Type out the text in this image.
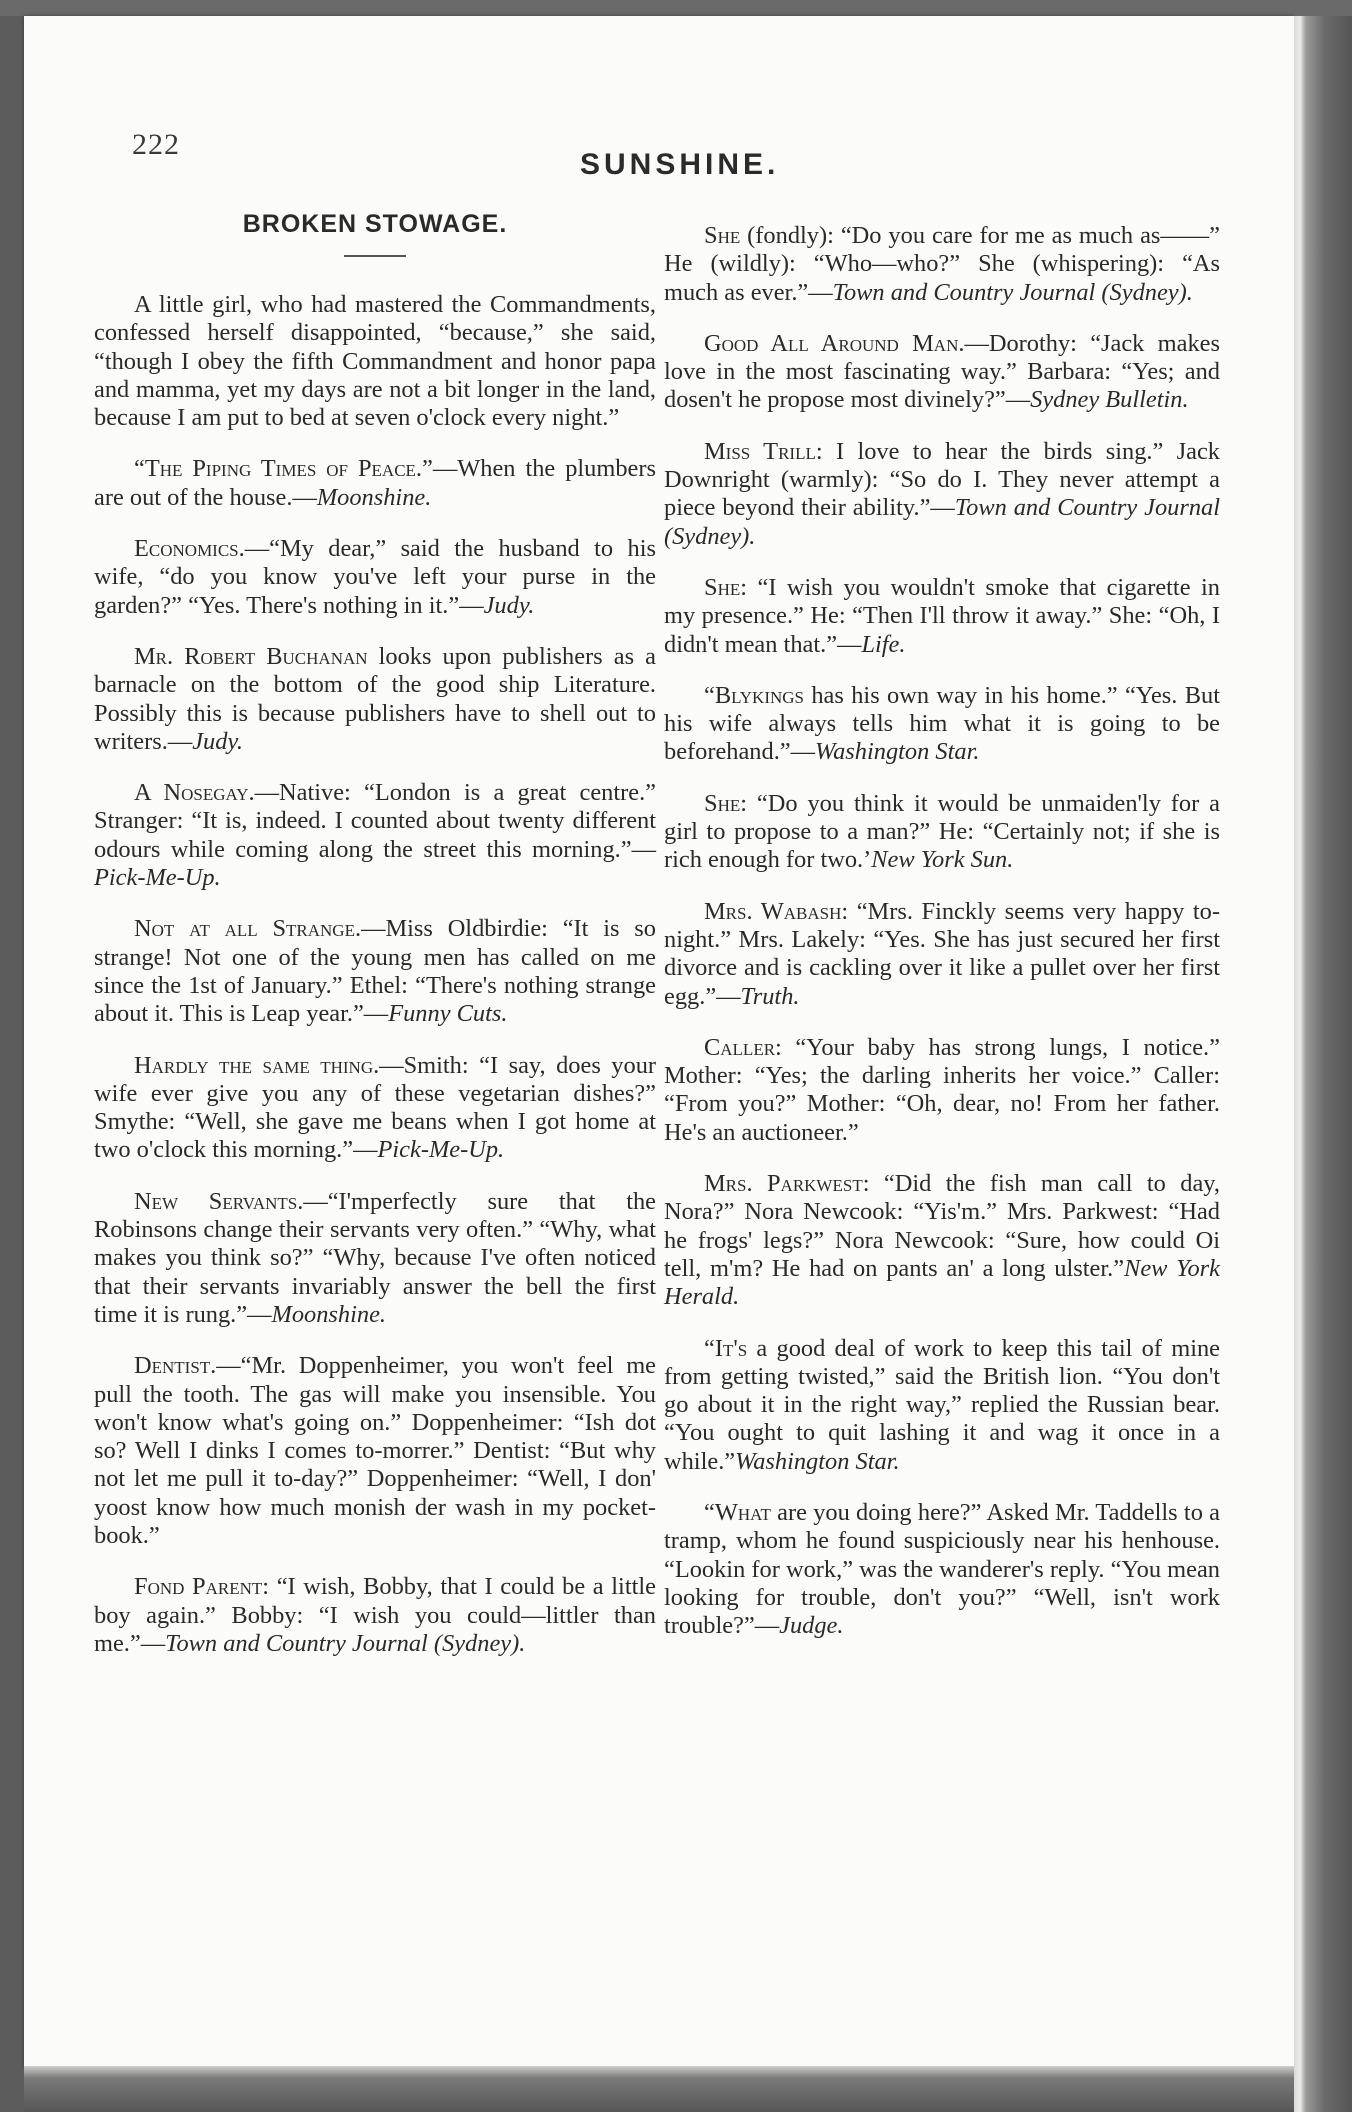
222
SUNSHINE.
BROKEN STOWAGE.

A little girl, who had mastered the Commandments, confessed herself disappointed, “because,” she said, “though I obey the fifth Commandment and honor papa and mamma, yet my days are not a bit longer in the land, because I am put to bed at seven o'clock every night.”

“The Piping Times of Peace.”—When the plumbers are out of the house.—Moonshine.

Economics.—“My dear,” said the husband to his wife, “do you know you've left your purse in the garden?” “Yes. There's nothing in it.”—Judy.

Mr. Robert Buchanan looks upon publishers as a barnacle on the bottom of the good ship Literature. Possibly this is because publishers have to shell out to writers.—Judy.

A Nosegay.—Native: “London is a great centre.” Stranger: “It is, indeed. I counted about twenty different odours while coming along the street this morning.”—Pick-Me-Up.

Not at all Strange.—Miss Oldbirdie: “It is so strange! Not one of the young men has called on me since the 1st of January.” Ethel: “There's nothing strange about it. This is Leap year.”—Funny Cuts.

Hardly the same thing.—Smith: “I say, does your wife ever give you any of these vegetarian dishes?” Smythe: “Well, she gave me beans when I got home at two o'clock this morning.”—Pick-Me-Up.

New Servants.—“I'mperfectly sure that the Robinsons change their servants very often.” “Why, what makes you think so?” “Why, because I've often noticed that their servants invariably answer the bell the first time it is rung.”—Moonshine.

Dentist.—“Mr. Doppenheimer, you won't feel me pull the tooth. The gas will make you insensible. You won't know what's going on.” Doppenheimer: “Ish dot so? Well I dinks I comes to-morrer.” Dentist: “But why not let me pull it to-day?” Doppenheimer: “Well, I don' yoost know how much monish der wash in my pocket-book.”

Fond Parent: “I wish, Bobby, that I could be a little boy again.” Bobby: “I wish you could—littler than me.”—Town and Country Journal (Sydney).

She (fondly): “Do you care for me as much as——” He (wildly): “Who—who?” She (whispering): “As much as ever.”—Town and Country Journal (Sydney).

Good All Around Man.—Dorothy: “Jack makes love in the most fascinating way.” Barbara: “Yes; and dosen't he propose most divinely?”—Sydney Bulletin.

Miss Trill: I love to hear the birds sing.” Jack Downright (warmly): “So do I. They never attempt a piece beyond their ability.”—Town and Country Journal (Sydney).

She: “I wish you wouldn't smoke that cigarette in my presence.” He: “Then I'll throw it away.” She: “Oh, I didn't mean that.”—Life.

“Blykings has his own way in his home.” “Yes. But his wife always tells him what it is going to be beforehand.”—Washington Star.

She: “Do you think it would be unmaiden'ly for a girl to propose to a man?” He: “Certainly not; if she is rich enough for two.’New York Sun.

Mrs. Wabash: “Mrs. Finckly seems very happy to-night.” Mrs. Lakely: “Yes. She has just secured her first divorce and is cackling over it like a pullet over her first egg.”—Truth.

Caller: “Your baby has strong lungs, I notice.” Mother: “Yes; the darling inherits her voice.” Caller: “From you?” Mother: “Oh, dear, no! From her father. He's an auctioneer.”

Mrs. Parkwest: “Did the fish man call to day, Nora?” Nora Newcook: “Yis'm.” Mrs. Parkwest: “Had he frogs' legs?” Nora Newcook: “Sure, how could Oi tell, m'm? He had on pants an' a long ulster.”New York Herald.

“It's a good deal of work to keep this tail of mine from getting twisted,” said the British lion. “You don't go about it in the right way,” replied the Russian bear. “You ought to quit lashing it and wag it once in a while.”Washington Star.

“What are you doing here?” Asked Mr. Taddells to a tramp, whom he found suspiciously near his henhouse. “Lookin for work,” was the wanderer's reply. “You mean looking for trouble, don't you?” “Well, isn't work trouble?”—Judge.
